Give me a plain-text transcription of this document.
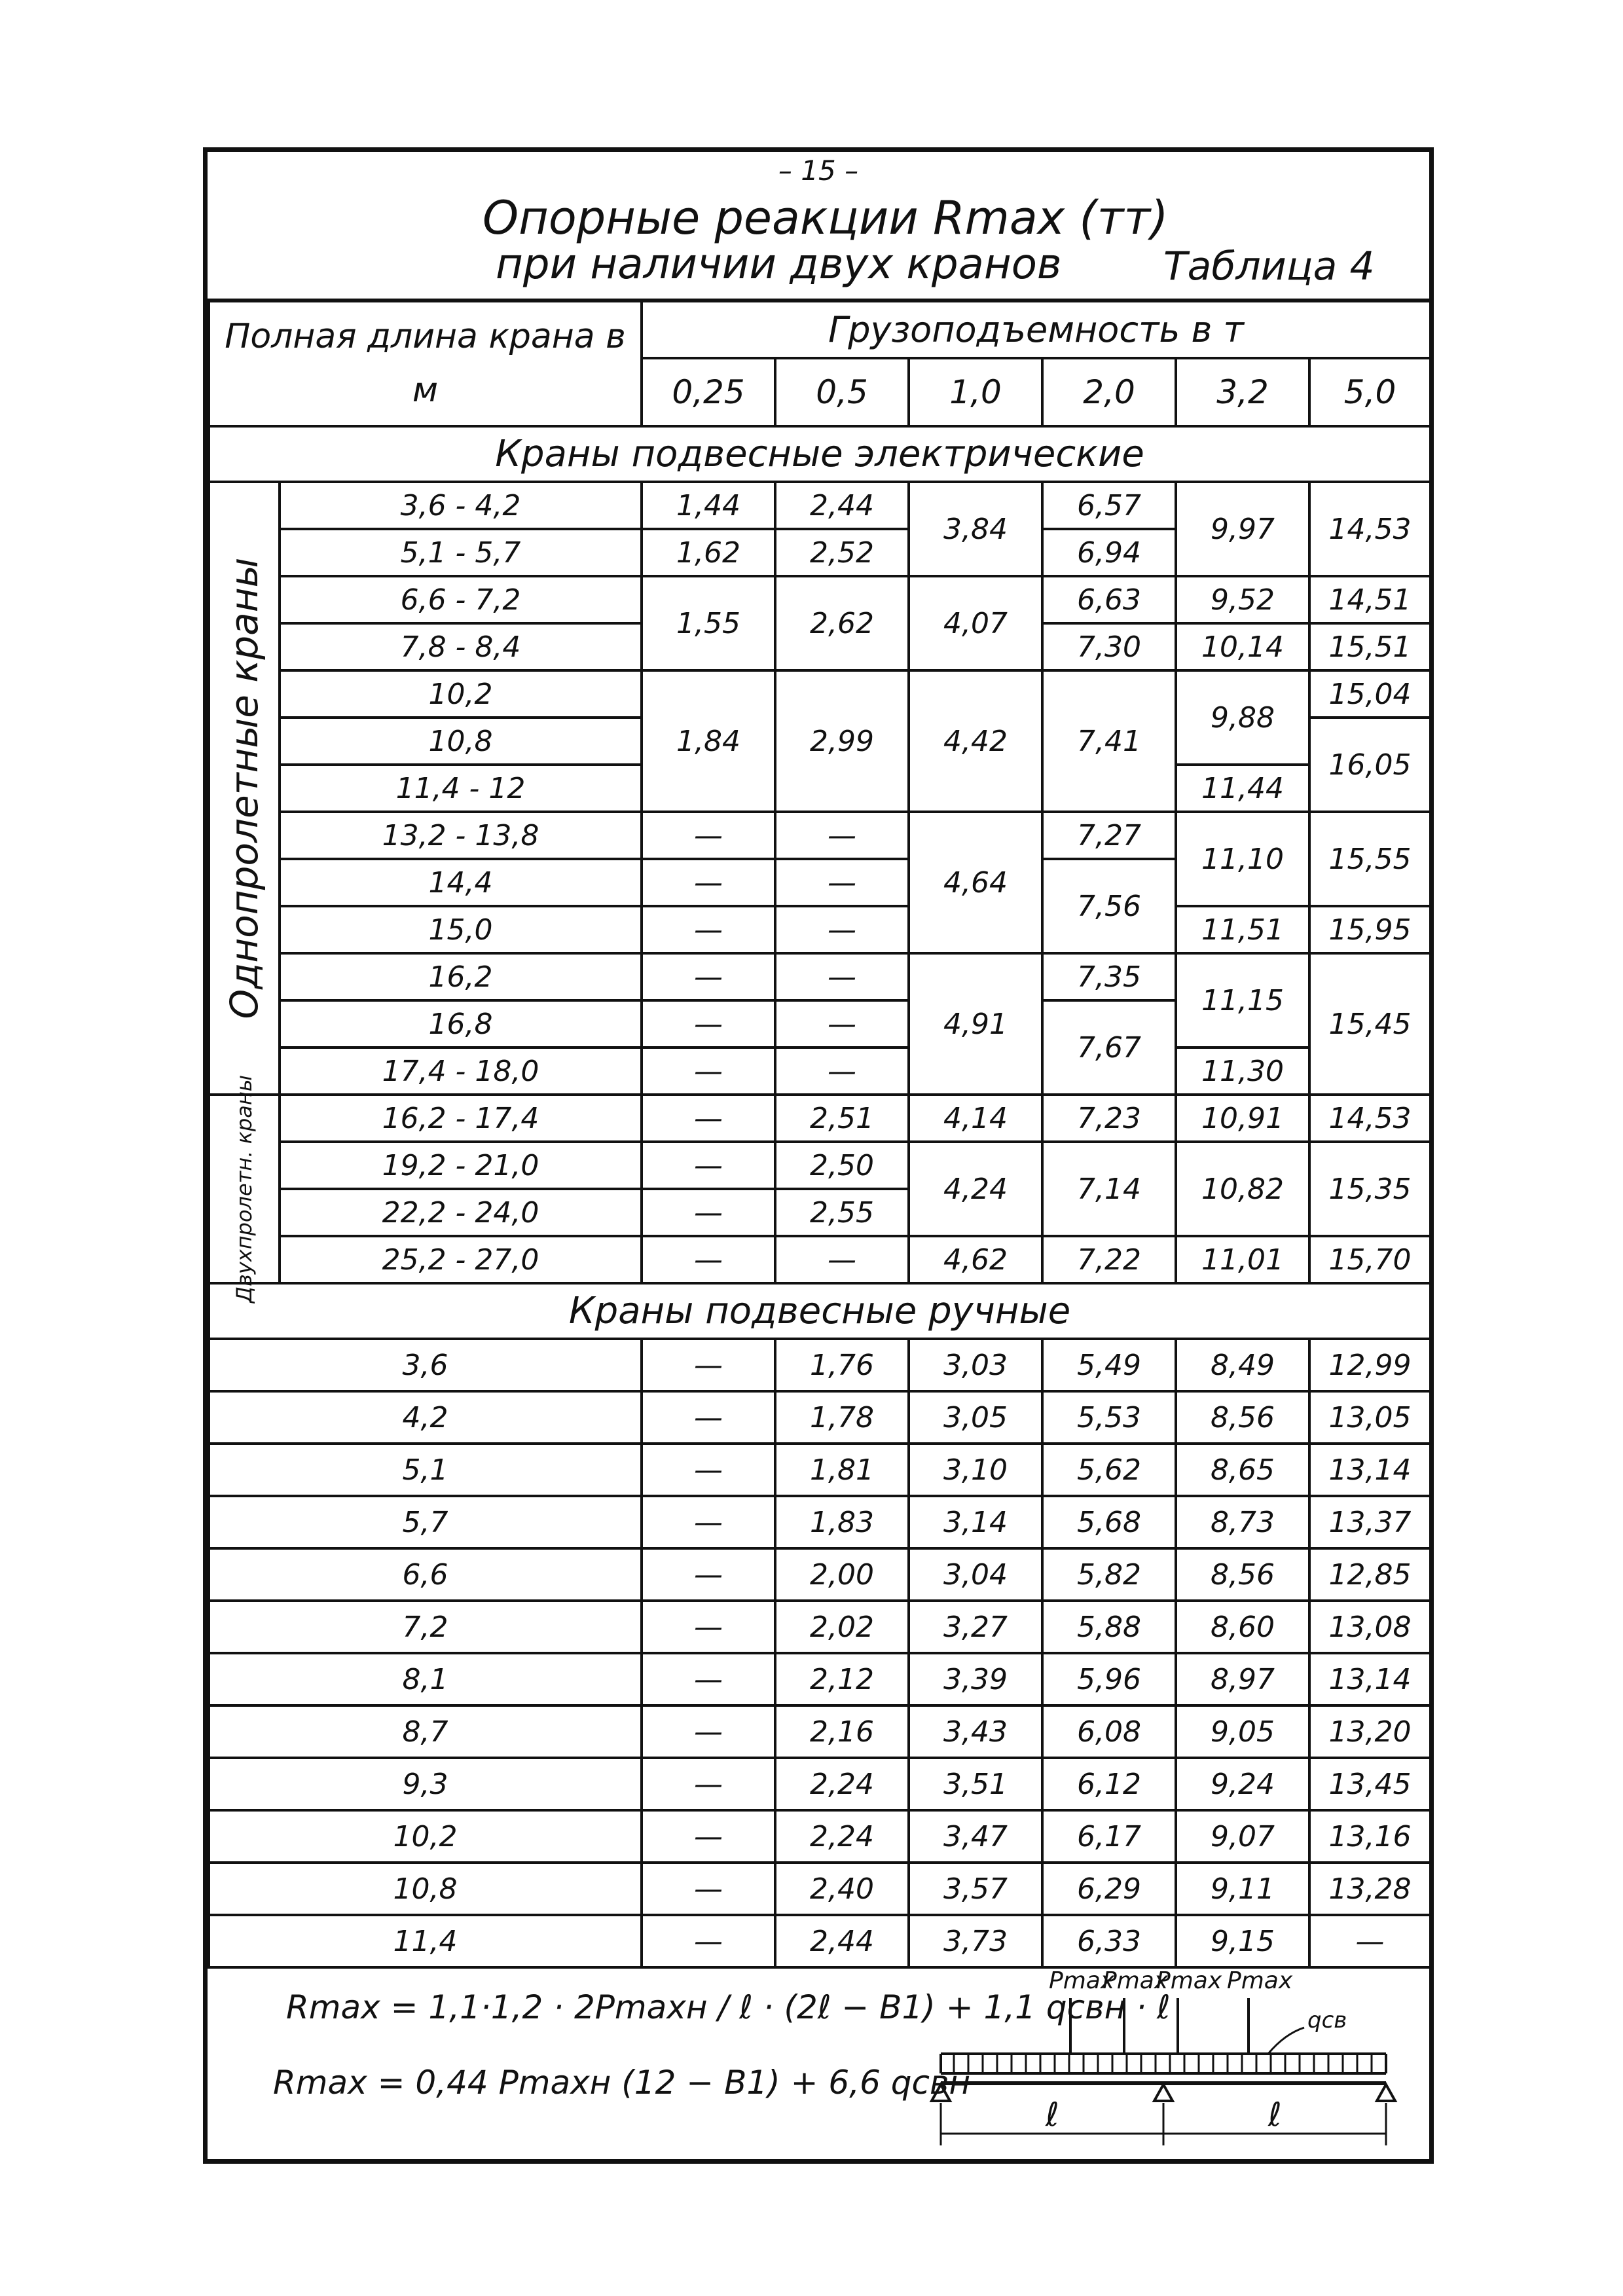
– 15 –
Опорные реакции Rmax (тт)
при наличии двух кранов	Таблица 4
Полная длина крана в м		Грузоподъемность в т					
		0,25	0,5	1,0	2,0	3,2	5,0
Краны подвесные электрические							

Однопролетные краны	3,6 - 4,2	1,44	2,44	3,84	6,57	9,97	14,53
	5,1 - 5,7	1,62	2,52		6,94		
	6,6 - 7,2	1,55	2,62	4,07	6,63	9,52	14,51
	7,8 - 8,4				7,30	10,14	15,51
	10,2	1,84	2,99	4,42	7,41	9,88	15,04
	10,8						16,05
	11,4 - 12					11,44	
	13,2 - 13,8	—	—	4,64	7,27	11,10	15,55
	14,4	—	—		7,56		
	15,0	—	—			11,51	15,95
	16,2	—	—	4,91	7,35	11,15	15,45
	16,8	—	—		7,67		
	17,4 - 18,0	—	—			11,30	

Двухпролетн. краны	16,2 - 17,4	—	2,51	4,14	7,23	10,91	14,53
	19,2 - 21,0	—	2,50	4,24	7,14	10,82	15,35
	22,2 - 24,0	—	2,55				
	25,2 - 27,0	—	—	4,62	7,22	11,01	15,70
Краны подвесные ручные							
3,6		—	1,76	3,03	5,49	8,49	12,99
4,2		—	1,78	3,05	5,53	8,56	13,05
5,1		—	1,81	3,10	5,62	8,65	13,14
5,7		—	1,83	3,14	5,68	8,73	13,37
6,6		—	2,00	3,04	5,82	8,56	12,85
7,2		—	2,02	3,27	5,88	8,60	13,08
8,1		—	2,12	3,39	5,96	8,97	13,14
8,7		—	2,16	3,43	6,08	9,05	13,20
9,3		—	2,24	3,51	6,12	9,24	13,45
10,2		—	2,24	3,47	6,17	9,07	13,16
10,8		—	2,40	3,57	6,29	9,11	13,28
11,4		—	2,44	3,73	6,33	9,15	—
Rmax = 1,1·1,2 · 2Pmaxн / ℓ · (2ℓ − B1) + 1,1 qсвн · ℓ
Rmax = 0,44 Pmaxн (12 − B1) + 6,6 qсвн
Pmax
Pmax
Pmax Pmax
qсв
ℓ	ℓ
